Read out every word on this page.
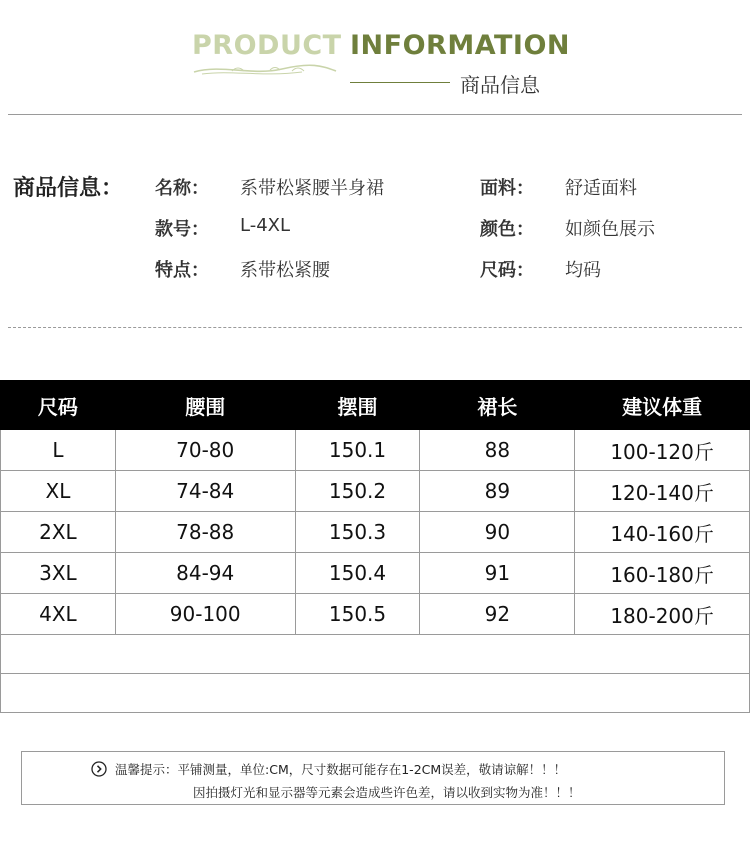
PRODUCT INFORMATION
商品信息
商品信息： 名称： 系带松紧腰半身裙	面料： 舒适面料
款号： L-4XL	颜色： 如颜色展示
特点： 系带松紧腰	尺码： 均码
尺码	腰围	摆围	裙长	建议体重
L	70-80	150.1	88	100-120斤
XL	74-84	150.2	89	120-140斤
2XL	78-88	150.3	90	140-160斤
3XL	84-94	150.4	91	160-180斤
4XL	90-100	150.5	92	180-200斤

温馨提示：平铺测量，单位:CM，尺寸数据可能存在1-2CM误差，敬请谅解！！！
因拍摄灯光和显示器等元素会造成些许色差，请以收到实物为准！！！
